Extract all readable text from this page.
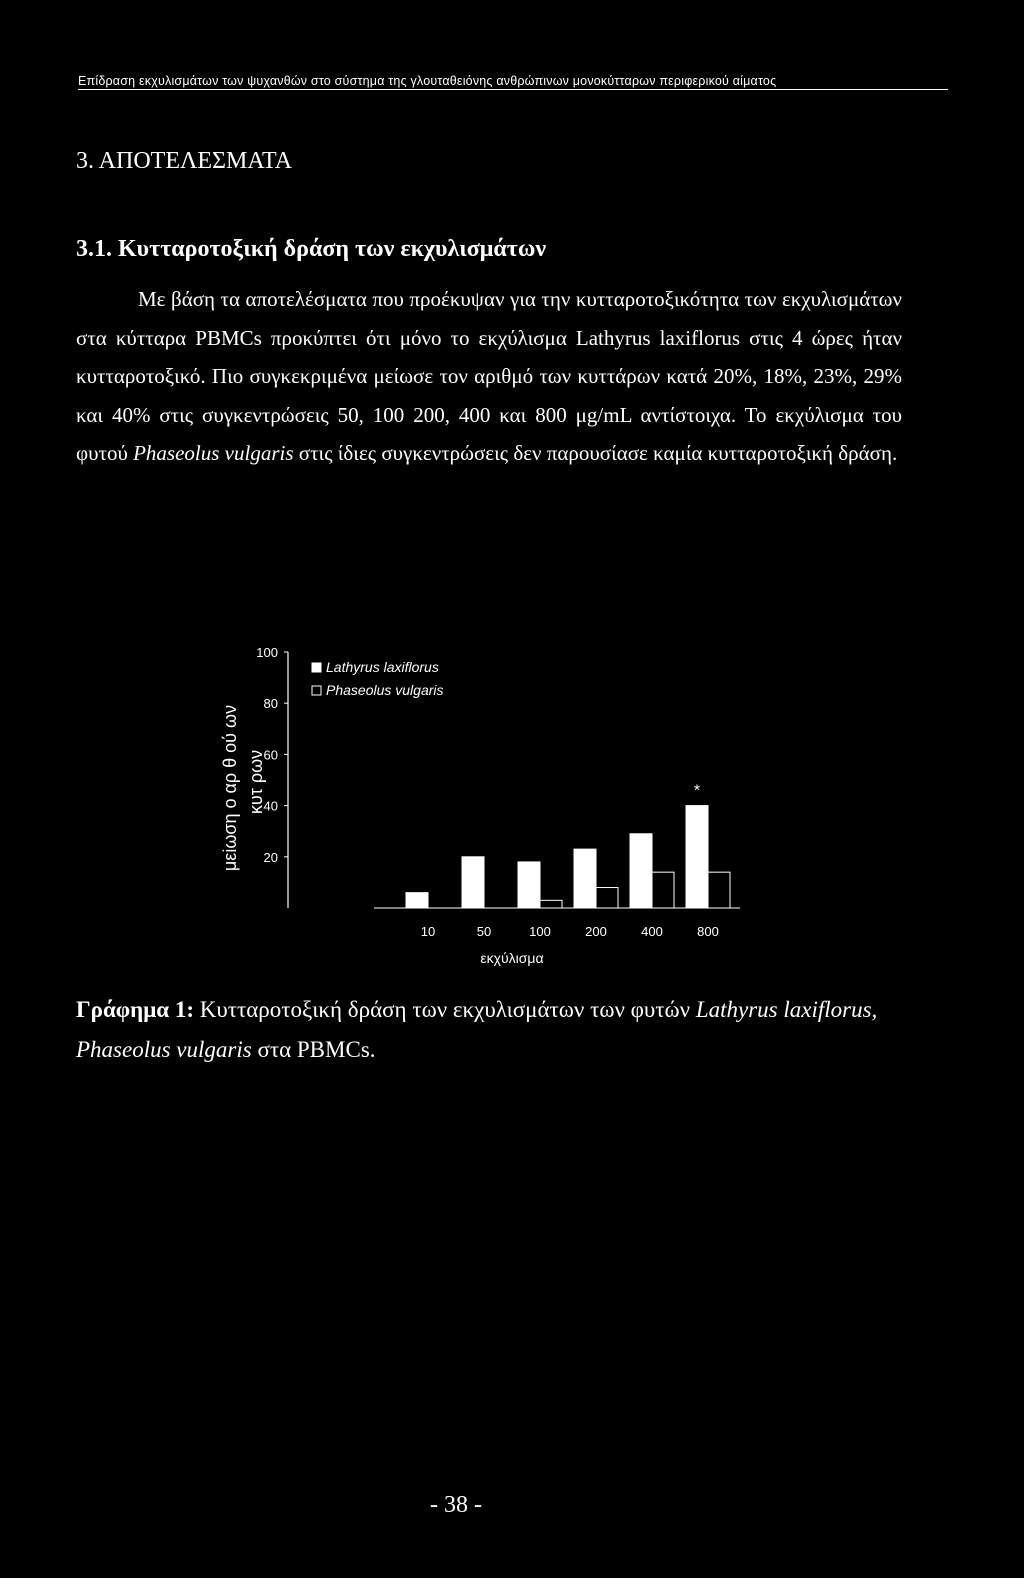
Επίδραση εκχυλισμάτων των ψυχανθών στο σύστημα της γλουταθειόνης ανθρώπινων μονοκύτταρων περιφερικού αίματος
3. ΑΠΟΤΕΛΕΣΜΑΤΑ
3.1. Κυτταροτοξική δράση των εκχυλισμάτων

Με βάση τα αποτελέσματα που προέκυψαν για την κυτταροτοξικότητα των εκχυλισμάτων στα κύτταρα PBMCs προκύπτει ότι μόνο το εκχύλισμα Lathyrus laxiflorus στις 4 ώρες ήταν κυτταροτοξικό. Πιο συγκεκριμένα μείωσε τον αριθμό των κυττάρων κατά 20%, 18%, 23%, 29% και 40% στις συγκεντρώσεις 50, 100 200, 400 και 800 μg/mL αντίστοιχα. Το εκχύλισμα του φυτού Phaseolus vulgaris στις ίδιες συγκεντρώσεις δεν παρουσίασε καμία κυτταροτοξική δράση.

20
40
60
80
100
μεiωση ο αρ θ ού ων κυτ ρων
10	50	100	200	400	800
*
εκχύλισμα
Lathyrus laxiflorus
Phaseolus vulgaris
Γράφημα 1: Κυτταροτοξική δράση των εκχυλισμάτων των φυτών Lathyrus laxiflorus, Phaseolus vulgaris στα PBMCs.
- 38 -
